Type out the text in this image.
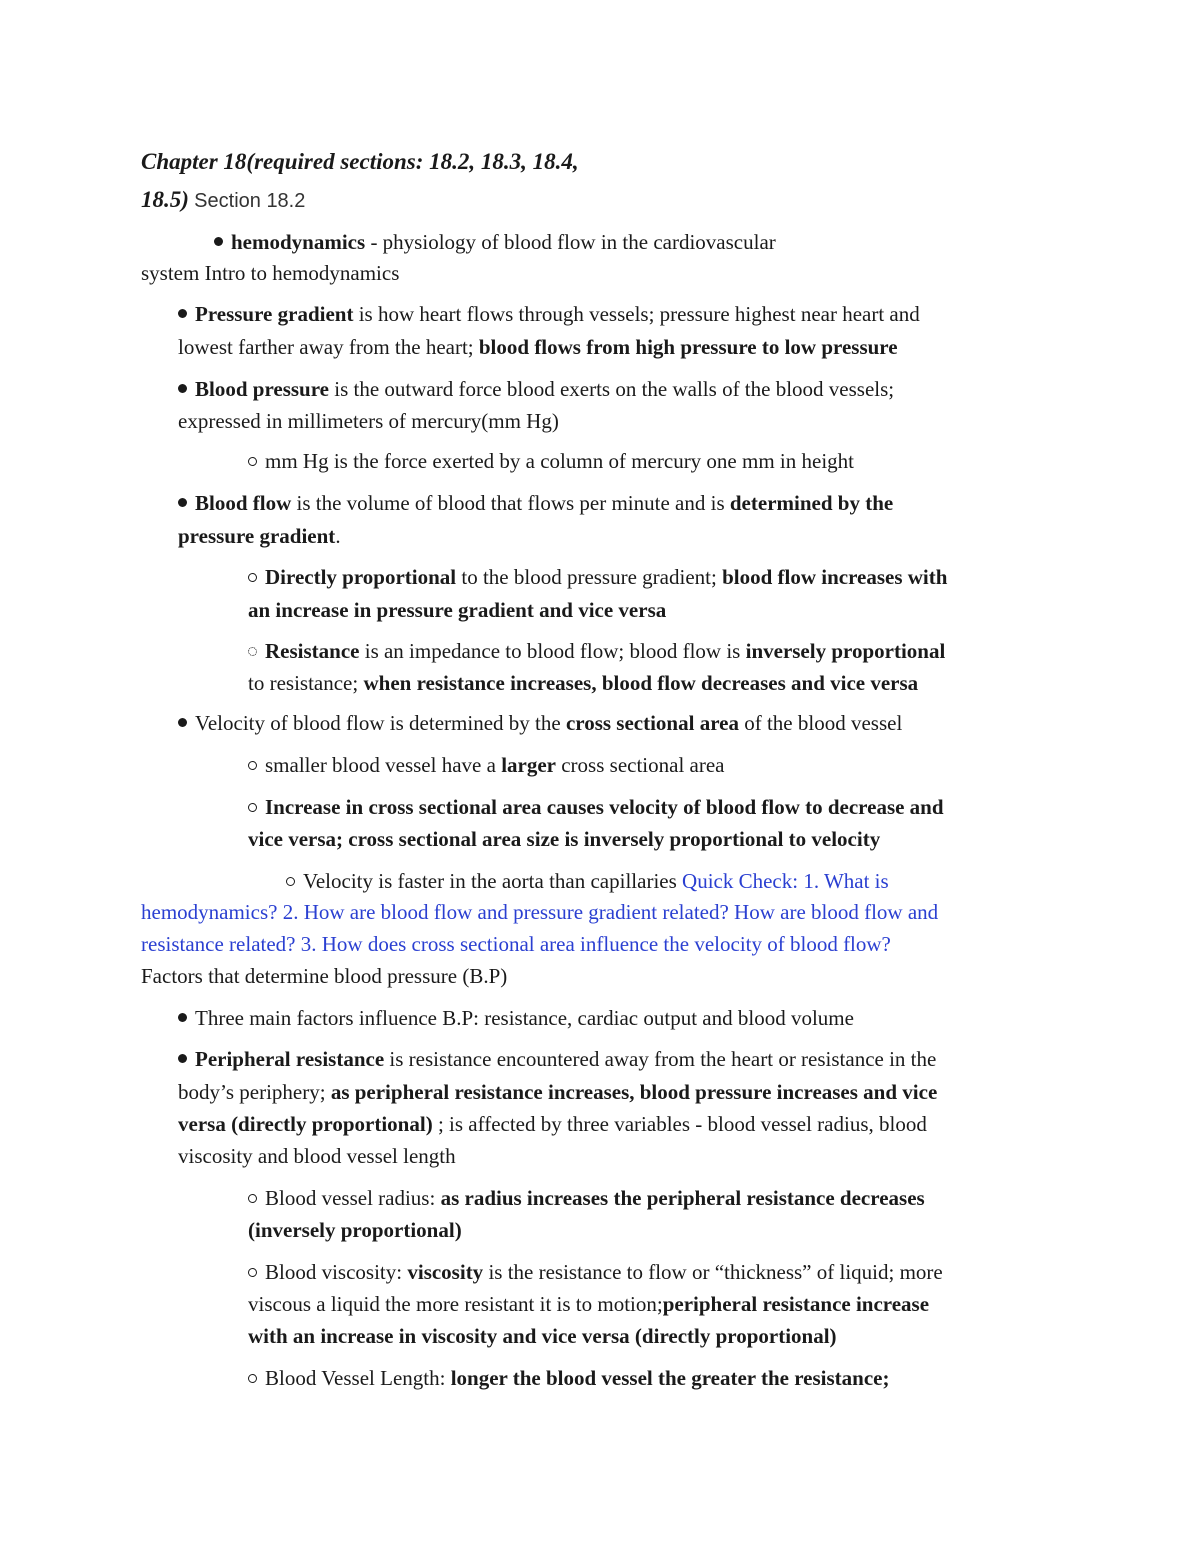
Chapter 18(required sections: 18.2, 18.3, 18.4,
18.5) Section 18.2
hemodynamics - physiology of blood flow in the cardiovascular
system Intro to hemodynamics
Pressure gradient is how heart flows through vessels; pressure highest near heart and
lowest farther away from the heart; blood flows from high pressure to low pressure
Blood pressure is the outward force blood exerts on the walls of the blood vessels;
expressed in millimeters of mercury(mm Hg)
mm Hg is the force exerted by a column of mercury one mm in height
Blood flow is the volume of blood that flows per minute and is determined by the
pressure gradient.
Directly proportional to the blood pressure gradient; blood flow increases with
an increase in pressure gradient and vice versa
Resistance is an impedance to blood flow; blood flow is inversely proportional
to resistance; when resistance increases, blood flow decreases and vice versa
Velocity of blood flow is determined by the cross sectional area of the blood vessel
smaller blood vessel have a larger cross sectional area
Increase in cross sectional area causes velocity of blood flow to decrease and
vice versa; cross sectional area size is inversely proportional to velocity
Velocity is faster in the aorta than capillaries Quick Check: 1. What is
hemodynamics? 2. How are blood flow and pressure gradient related? How are blood flow and
resistance related? 3. How does cross sectional area influence the velocity of blood flow?
Factors that determine blood pressure (B.P)
Three main factors influence B.P: resistance, cardiac output and blood volume
Peripheral resistance is resistance encountered away from the heart or resistance in the
body’s periphery; as peripheral resistance increases, blood pressure increases and vice
versa (directly proportional) ; is affected by three variables - blood vessel radius, blood
viscosity and blood vessel length
Blood vessel radius: as radius increases the peripheral resistance decreases
(inversely proportional)
Blood viscosity: viscosity is the resistance to flow or “thickness” of liquid; more
viscous a liquid the more resistant it is to motion;peripheral resistance increase
with an increase in viscosity and vice versa (directly proportional)
Blood Vessel Length: longer the blood vessel the greater the resistance;
